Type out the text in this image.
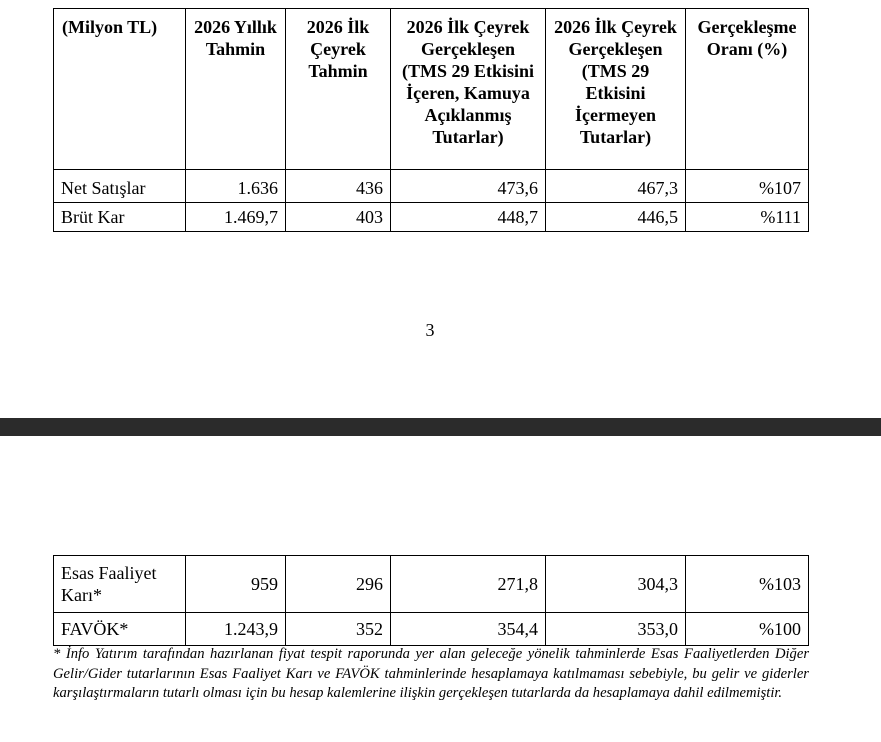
(Milyon TL)	2026 Yıllık Tahmin	2026 İlk Çeyrek Tahmin	2026 İlk Çeyrek Gerçekleşen (TMS 29 Etkisini İçeren, Kamuya Açıklanmış Tutarlar)	2026 İlk Çeyrek Gerçekleşen (TMS 29 Etkisini İçermeyen Tutarlar)	Gerçekleşme Oranı (%)
Net Satışlar	1.636	436	473,6	467,3	%107
Brüt Kar	1.469,7	403	448,7	446,5	%111
3
Esas Faaliyet
Karı*	959	296	271,8	304,3	%103
FAVÖK*	1.243,9	352	354,4	353,0	%100
* İnfo Yatırım tarafından hazırlanan fiyat tespit raporunda yer alan geleceğe yönelik tahminlerde Esas Faaliyetlerden Diğer Gelir/Gider tutarlarının Esas Faaliyet Karı ve FAVÖK tahminlerinde hesaplamaya katılmaması sebebiyle, bu gelir ve giderler karşılaştırmaların tutarlı olması için bu hesap kalemlerine ilişkin gerçekleşen tutarlarda da hesaplamaya dahil edilmemiştir.
